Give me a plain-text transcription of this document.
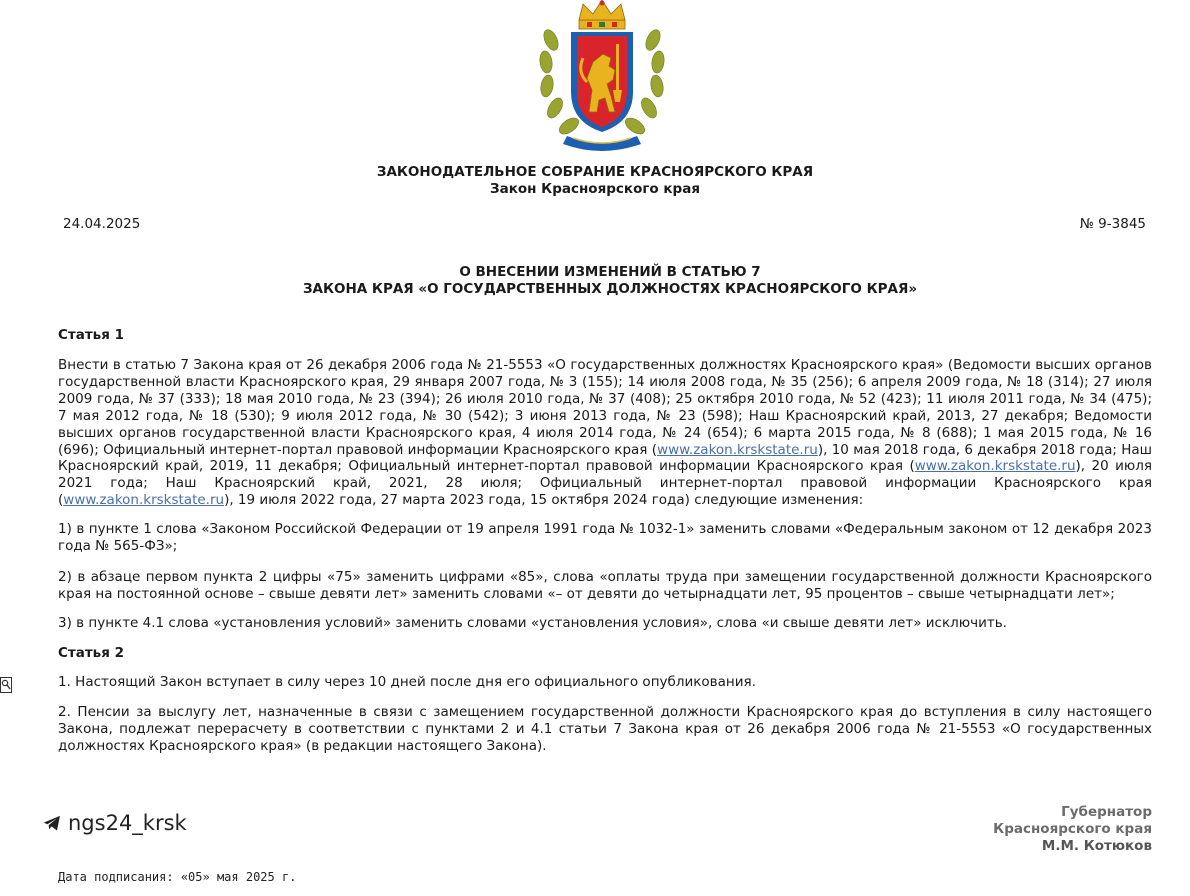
ЗАКОНОДАТЕЛЬНОЕ СОБРАНИЕ КРАСНОЯРСКОГО КРАЯ
Закон Красноярского края
24.04.2025	№ 9-3845
О ВНЕСЕНИИ ИЗМЕНЕНИЙ В СТАТЬЮ 7
ЗАКОНА КРАЯ «О ГОСУДАРСТВЕННЫХ ДОЛЖНОСТЯХ КРАСНОЯРСКОГО КРАЯ»
Статья 1
Внести в статью 7 Закона края от 26 декабря 2006 года № 21-5553 «О государственных должностях Красноярского края» (Ведомости высших органов государственной власти Красноярского края, 29 января 2007 года, № 3 (155); 14 июля 2008 года, № 35 (256); 6 апреля 2009 года, № 18 (314); 27 июля 2009 года, № 37 (333); 18 мая 2010 года, № 23 (394); 26 июля 2010 года, № 37 (408); 25 октября 2010 года, № 52 (423); 11 июля 2011 года, № 34 (475); 7 мая 2012 года, № 18 (530); 9 июля 2012 года, № 30 (542); 3 июня 2013 года, № 23 (598); Наш Красноярский край, 2013, 27 декабря; Ведомости высших органов государственной власти Красноярского края, 4 июля 2014 года, № 24 (654); 6 марта 2015 года, № 8 (688); 1 мая 2015 года, № 16 (696); Официальный интернет-портал правовой информации Красноярского края (www.zakon.krskstate.ru), 10 мая 2018 года, 6 декабря 2018 года; Наш Красноярский край, 2019, 11 декабря; Официальный интернет-портал правовой информации Красноярского края (www.zakon.krskstate.ru), 20 июля 2021 года; Наш Красноярский край, 2021, 28 июля; Официальный интернет-портал правовой информации Красноярского края (www.zakon.krskstate.ru), 19 июля 2022 года, 27 марта 2023 года, 15 октября 2024 года) следующие изменения:
1) в пункте 1 слова «Законом Российской Федерации от 19 апреля 1991 года № 1032-1» заменить словами «Федеральным законом от 12 декабря 2023 года № 565-ФЗ»;
2) в абзаце первом пункта 2 цифры «75» заменить цифрами «85», слова «оплаты труда при замещении государственной должности Красноярского края на постоянной основе – свыше девяти лет» заменить словами «– от девяти до четырнадцати лет, 95 процентов – свыше четырнадцати лет»;
3) в пункте 4.1 слова «установления условий» заменить словами «установления условия», слова «и свыше девяти лет» исключить.
Статья 2
1. Настоящий Закон вступает в силу через 10 дней после дня его официального опубликования.
2. Пенсии за выслугу лет, назначенные в связи с замещением государственной должности Красноярского края до вступления в силу настоящего Закона, подлежат перерасчету в соответствии с пунктами 2 и 4.1 статьи 7 Закона края от 26 декабря 2006 года № 21-5553 «О государственных должностях Красноярского края» (в редакции настоящего Закона).
ngs24_krsk	Губернатор
Красноярского края
М.М. Котюков
Дата подписания: «05» мая 2025 г.
